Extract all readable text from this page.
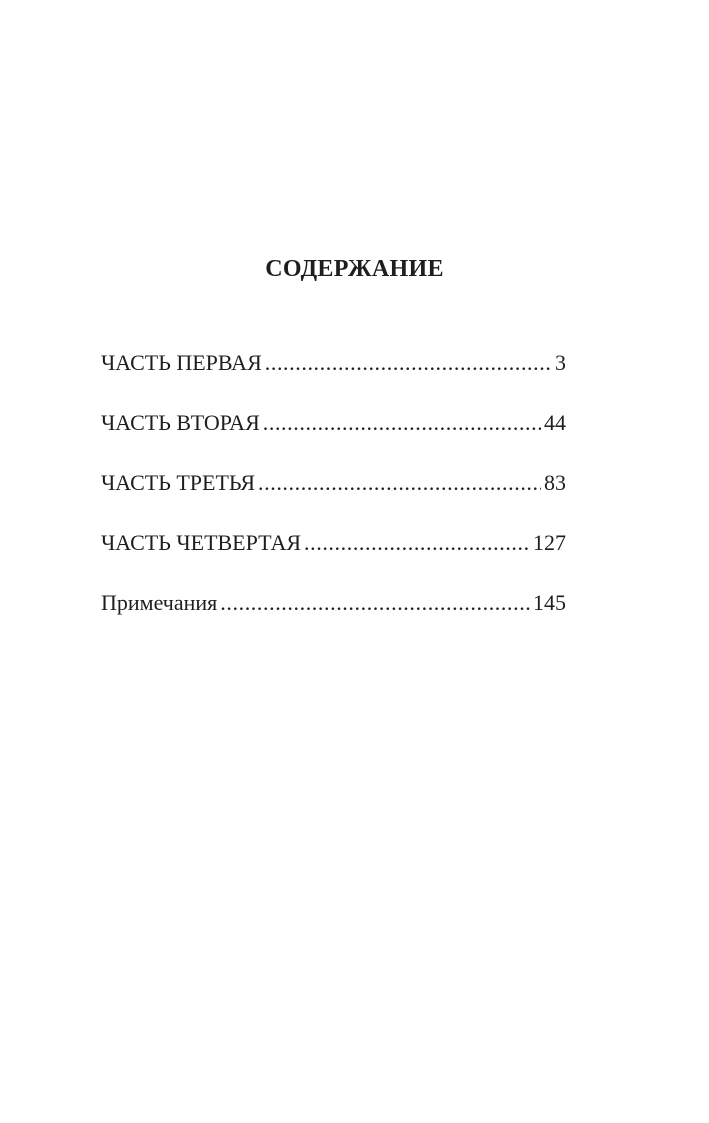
СОДЕРЖАНИЕ
ЧАСТЬ ПЕРВАЯ .....	3
ЧАСТЬ ВТОРАЯ .....	44
ЧАСТЬ ТРЕТЬЯ .....	83
ЧАСТЬ ЧЕТВЕРТАЯ .....	127
Примечания .....	145
